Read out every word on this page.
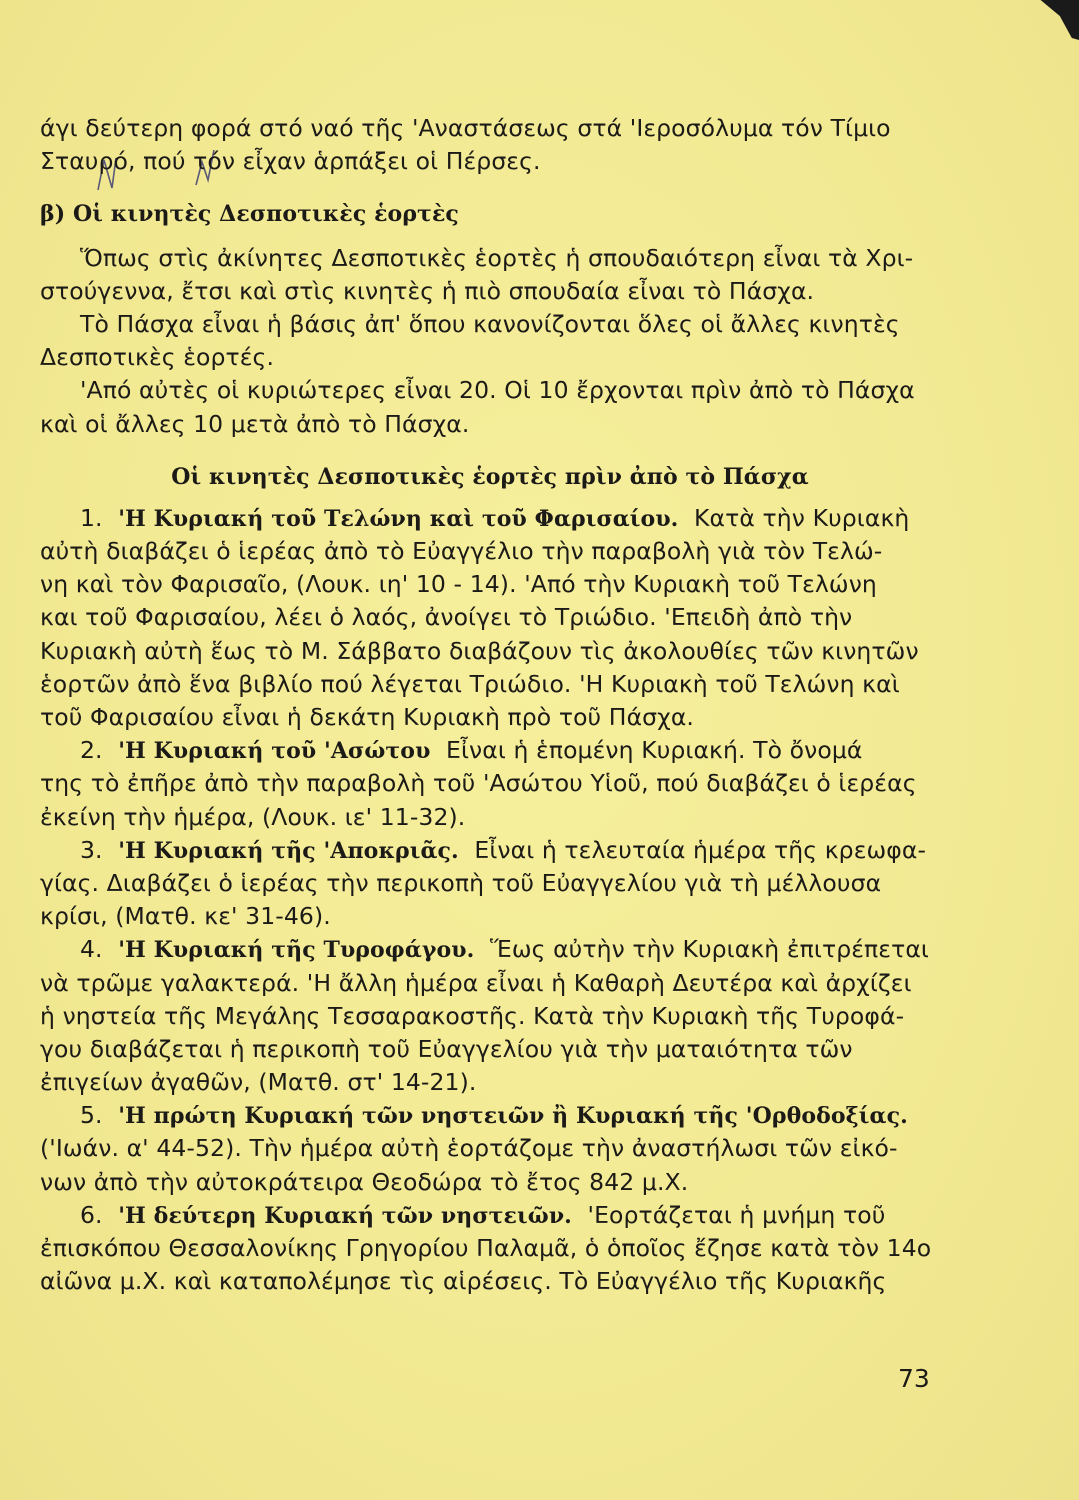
άγι δεύτερη φορά στό ναό τῆς 'Αναστάσεως στά 'Ιεροσόλυμα τόν Τίμιο
Σταυρό, πού τόν εἶχαν ἁρπάξει οἱ Πέρσες.
β) Οἱ κινητὲς Δεσποτικὲς ἑορτὲς
Ὅπως στὶς ἀκίνητες Δεσποτικὲς ἑορτὲς ἡ σπουδαιότερη εἶναι τὰ Χρι-
στούγεννα, ἔτσι καὶ στὶς κινητὲς ἡ πιὸ σπουδαία εἶναι τὸ Πάσχα.
Τὸ Πάσχα εἶναι ἡ βάσις ἀπ' ὅπου κανονίζονται ὅλες οἱ ἄλλες κινητὲς
Δεσποτικὲς ἑορτές.
'Από αὐτὲς οἱ κυριώτερες εἶναι 20. Οἱ 10 ἔρχονται πρὶν ἀπὸ τὸ Πάσχα
καὶ οἱ ἄλλες 10 μετὰ ἀπὸ τὸ Πάσχα.
Οἱ κινητὲς Δεσποτικὲς ἑορτὲς πρὶν ἀπὸ τὸ Πάσχα
1. 'Η Κυριακή τοῦ Τελώνη καὶ τοῦ Φαρισαίου. Κατὰ τὴν Κυριακὴ
αὐτὴ διαβάζει ὁ ἱερέας ἀπὸ τὸ Εὐαγγέλιο τὴν παραβολὴ γιὰ τὸν Τελώ-
νη καὶ τὸν Φαρισαῖο, (Λουκ. ιη' 10 - 14). 'Από τὴν Κυριακὴ τοῦ Τελώνη
και τοῦ Φαρισαίου, λέει ὁ λαός, ἀνοίγει τὸ Τριώδιο. 'Επειδὴ ἀπὸ τὴν
Κυριακὴ αὐτὴ ἕως τὸ Μ. Σάββατο διαβάζουν τὶς ἀκολουθίες τῶν κινητῶν
ἑορτῶν ἀπὸ ἕνα βιβλίο πού λέγεται Τριώδιο. 'Η Κυριακὴ τοῦ Τελώνη καὶ
τοῦ Φαρισαίου εἶναι ἡ δεκάτη Κυριακὴ πρὸ τοῦ Πάσχα.
2. 'Η Κυριακή τοῦ 'Ασώτου Εἶναι ἡ ἑπομένη Κυριακή. Τὸ ὄνομά
της τὸ ἐπῆρε ἀπὸ τὴν παραβολὴ τοῦ 'Ασώτου Υἱοῦ, πού διαβάζει ὁ ἱερέας
ἐκείνη τὴν ἡμέρα, (Λουκ. ιε' 11-32).
3. 'Η Κυριακή τῆς 'Αποκριᾶς. Εἶναι ἡ τελευταία ἡμέρα τῆς κρεωφα-
γίας. Διαβάζει ὁ ἱερέας τὴν περικοπὴ τοῦ Εὐαγγελίου γιὰ τὴ μέλλουσα
κρίσι, (Ματθ. κε' 31-46).
4. 'Η Κυριακή τῆς Τυροφάγου. Ἕως αὐτὴν τὴν Κυριακὴ ἐπιτρέπεται
νὰ τρῶμε γαλακτερά. 'Η ἄλλη ἡμέρα εἶναι ἡ Καθαρὴ Δευτέρα καὶ ἀρχίζει
ἡ νηστεία τῆς Μεγάλης Τεσσαρακοστῆς. Κατὰ τὴν Κυριακὴ τῆς Τυροφά-
γου διαβάζεται ἡ περικοπὴ τοῦ Εὐαγγελίου γιὰ τὴν ματαιότητα τῶν
ἐπιγείων ἀγαθῶν, (Ματθ. στ' 14-21).
5. 'Η πρώτη Κυριακή τῶν νηστειῶν ἢ Κυριακή τῆς 'Ορθοδοξίας.
('Ιωάν. α' 44-52). Τὴν ἡμέρα αὐτὴ ἑορτάζομε τὴν ἀναστήλωσι τῶν εἰκό-
νων ἀπὸ τὴν αὐτοκράτειρα Θεοδώρα τὸ ἔτος 842 μ.Χ.
6. 'Η δεύτερη Κυριακή τῶν νηστειῶν. 'Εορτάζεται ἡ μνήμη τοῦ
ἐπισκόπου Θεσσαλονίκης Γρηγορίου Παλαμᾶ, ὁ ὁποῖος ἔζησε κατὰ τὸν 14ο
αἰῶνα μ.Χ. καὶ καταπολέμησε τὶς αἱρέσεις. Τὸ Εὐαγγέλιο τῆς Κυριακῆς
73
